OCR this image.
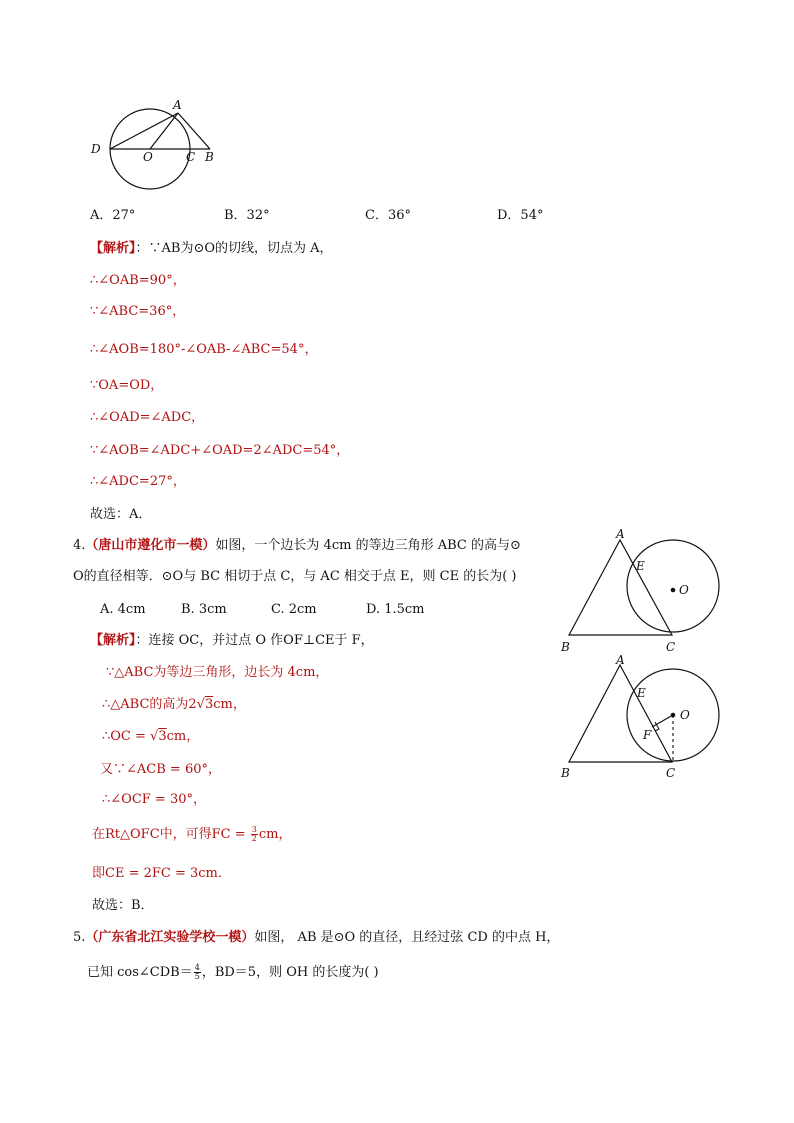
A
D
O	C B
A．27°	B．32°	C．36°	D．54°
【解析】：∵AB为⊙O的切线，切点为 A，
∴∠OAB=90°，
∵∠ABC=36°，
∴∠AOB=180°-∠OAB-∠ABC=54°，
∵OA=OD，
∴∠OAD=∠ADC，
∵∠AOB=∠ADC+∠OAD=2∠ADC=54°，
∴∠ADC=27°，
故选：A．
4.（唐山市遵化市一模）如图，一个边长为 4cm 的等边三角形 ABC 的高与⊙
O的直径相等．⊙O与 BC 相切于点 C，与 AC 相交于点 E，则 CE 的长为( )
A. 4cm	B. 3cm	C. 2cm	D. 1.5cm
【解析】：连接 OC，并过点 O 作OF⊥CE于 F，
∵△ABC为等边三角形，边长为 4cm，
∴△ABC的高为2√3cm，
∴OC = √3cm，
又∵∠ACB = 60°，
∴∠OCF = 30°，
在Rt△OFC中，可得FC = $\frac{3}{2}$ cm，
即CE = 2FC = 3cm．
故选：B．
A
E
O
B	C
A
E
O
F
B	C
5.（广东省北江实验学校一模）如图， AB 是⊙O 的直径，且经过弦 CD 的中点 H，
已知 cos∠CDB＝ $\frac{4}{5}$ ，BD＝5，则 OH 的长度为( )
